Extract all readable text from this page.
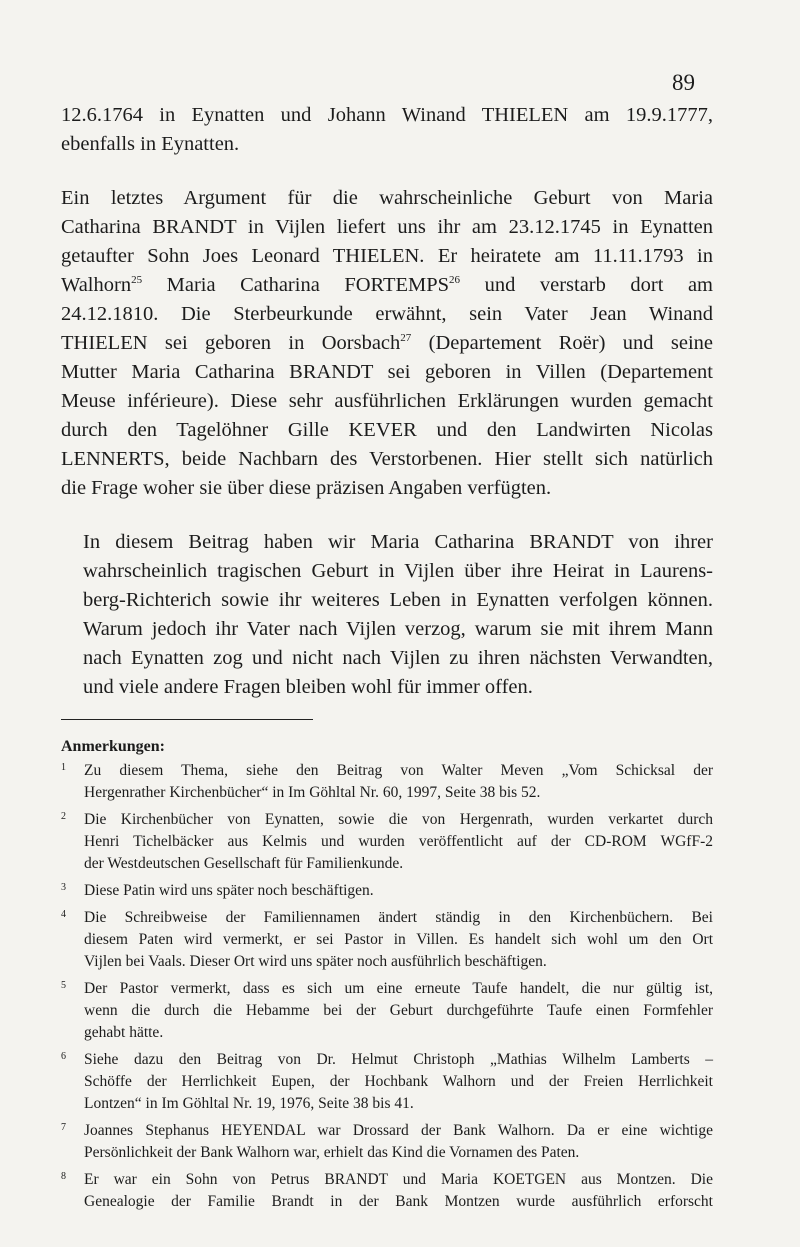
89

12.6.1764 in Eynatten und Johann Winand THIELEN am 19.9.1777,
ebenfalls in Eynatten.

Ein letztes Argument für die wahrscheinliche Geburt von Maria
Catharina BRANDT in Vijlen liefert uns ihr am 23.12.1745 in Eynatten
getaufter Sohn Joes Leonard THIELEN. Er heiratete am 11.11.1793 in
Walhorn$^{25}$ Maria Catharina FORTEMPS$^{26}$ und verstarb dort am
24.12.1810. Die Sterbeurkunde erwähnt, sein Vater Jean Winand
THIELEN sei geboren in Oorsbach$^{27}$ (Departement Roër) und seine
Mutter Maria Catharina BRANDT sei geboren in Villen (Departement
Meuse inférieure). Diese sehr ausführlichen Erklärungen wurden gemacht
durch den Tagelöhner Gille KEVER und den Landwirten Nicolas
LENNERTS, beide Nachbarn des Verstorbenen. Hier stellt sich natürlich
die Frage woher sie über diese präzisen Angaben verfügten.

In diesem Beitrag haben wir Maria Catharina BRANDT von ihrer
wahrscheinlich tragischen Geburt in Vijlen über ihre Heirat in Laurens-
berg-Richterich sowie ihr weiteres Leben in Eynatten verfolgen können.
Warum jedoch ihr Vater nach Vijlen verzog, warum sie mit ihrem Mann
nach Eynatten zog und nicht nach Vijlen zu ihren nächsten Verwandten,
und viele andere Fragen bleiben wohl für immer offen.

Anmerkungen:
1 Zu diesem Thema, siehe den Beitrag von Walter Meven „Vom Schicksal der
Hergenrather Kirchenbücher“ in Im Göhltal Nr. 60, 1997, Seite 38 bis 52.
2 Die Kirchenbücher von Eynatten, sowie die von Hergenrath, wurden verkartet durch
Henri Tichelbäcker aus Kelmis und wurden veröffentlicht auf der CD-ROM WGfF-2
der Westdeutschen Gesellschaft für Familienkunde.
3 Diese Patin wird uns später noch beschäftigen.
4 Die Schreibweise der Familiennamen ändert ständig in den Kirchenbüchern. Bei
diesem Paten wird vermerkt, er sei Pastor in Villen. Es handelt sich wohl um den Ort
Vijlen bei Vaals. Dieser Ort wird uns später noch ausführlich beschäftigen.
5 Der Pastor vermerkt, dass es sich um eine erneute Taufe handelt, die nur gültig ist,
wenn die durch die Hebamme bei der Geburt durchgeführte Taufe einen Formfehler
gehabt hätte.
6 Siehe dazu den Beitrag von Dr. Helmut Christoph „Mathias Wilhelm Lamberts –
Schöffe der Herrlichkeit Eupen, der Hochbank Walhorn und der Freien Herrlichkeit
Lontzen“ in Im Göhltal Nr. 19, 1976, Seite 38 bis 41.
7 Joannes Stephanus HEYENDAL war Drossard der Bank Walhorn. Da er eine wichtige
Persönlichkeit der Bank Walhorn war, erhielt das Kind die Vornamen des Paten.
8 Er war ein Sohn von Petrus BRANDT und Maria KOETGEN aus Montzen. Die
Genealogie der Familie Brandt in der Bank Montzen wurde ausführlich erforscht
